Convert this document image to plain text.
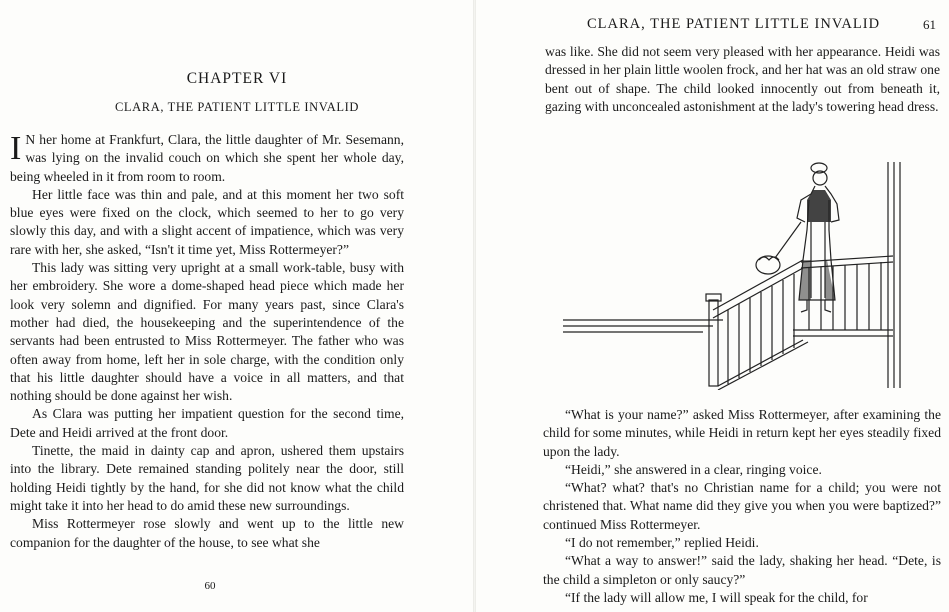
CHAPTER VI
CLARA, THE PATIENT LITTLE INVALID

I N her home at Frankfurt, Clara, the little daughter of Mr. Sesemann, was lying on the invalid couch on which she spent her whole day, being wheeled in it from room to room.

Her little face was thin and pale, and at this moment her two soft blue eyes were fixed on the clock, which seemed to her to go very slowly this day, and with a slight accent of impatience, which was very rare with her, she asked, “Isn't it time yet, Miss Rottermeyer?”

This lady was sitting very upright at a small work-table, busy with her embroidery. She wore a dome-shaped head piece which made her look very solemn and dignified. For many years past, since Clara's mother had died, the housekeeping and the superintendence of the servants had been entrusted to Miss Rottermeyer. The father who was often away from home, left her in sole charge, with the condition only that his little daughter should have a voice in all matters, and that nothing should be done against her wish.

As Clara was putting her impatient question for the second time, Dete and Heidi arrived at the front door.

Tinette, the maid in dainty cap and apron, ushered them upstairs into the library. Dete remained standing politely near the door, still holding Heidi tightly by the hand, for she did not know what the child might take it into her head to do amid these new surroundings.

Miss Rottermeyer rose slowly and went up to the little new companion for the daughter of the house, to see what she

60
CLARA, THE PATIENT LITTLE INVALID	61

was like. She did not seem very pleased with her appearance. Heidi was dressed in her plain little woolen frock, and her hat was an old straw one bent out of shape. The child looked innocently out from beneath it, gazing with unconcealed astonishment at the lady's towering head dress.

“What is your name?” asked Miss Rottermeyer, after examining the child for some minutes, while Heidi in return kept her eyes steadily fixed upon the lady.

“Heidi,” she answered in a clear, ringing voice.

“What? what? that's no Christian name for a child; you were not christened that. What name did they give you when you were baptized?” continued Miss Rottermeyer.

“I do not remember,” replied Heidi.

“What a way to answer!” said the lady, shaking her head. “Dete, is the child a simpleton or only saucy?”

“If the lady will allow me, I will speak for the child, for
